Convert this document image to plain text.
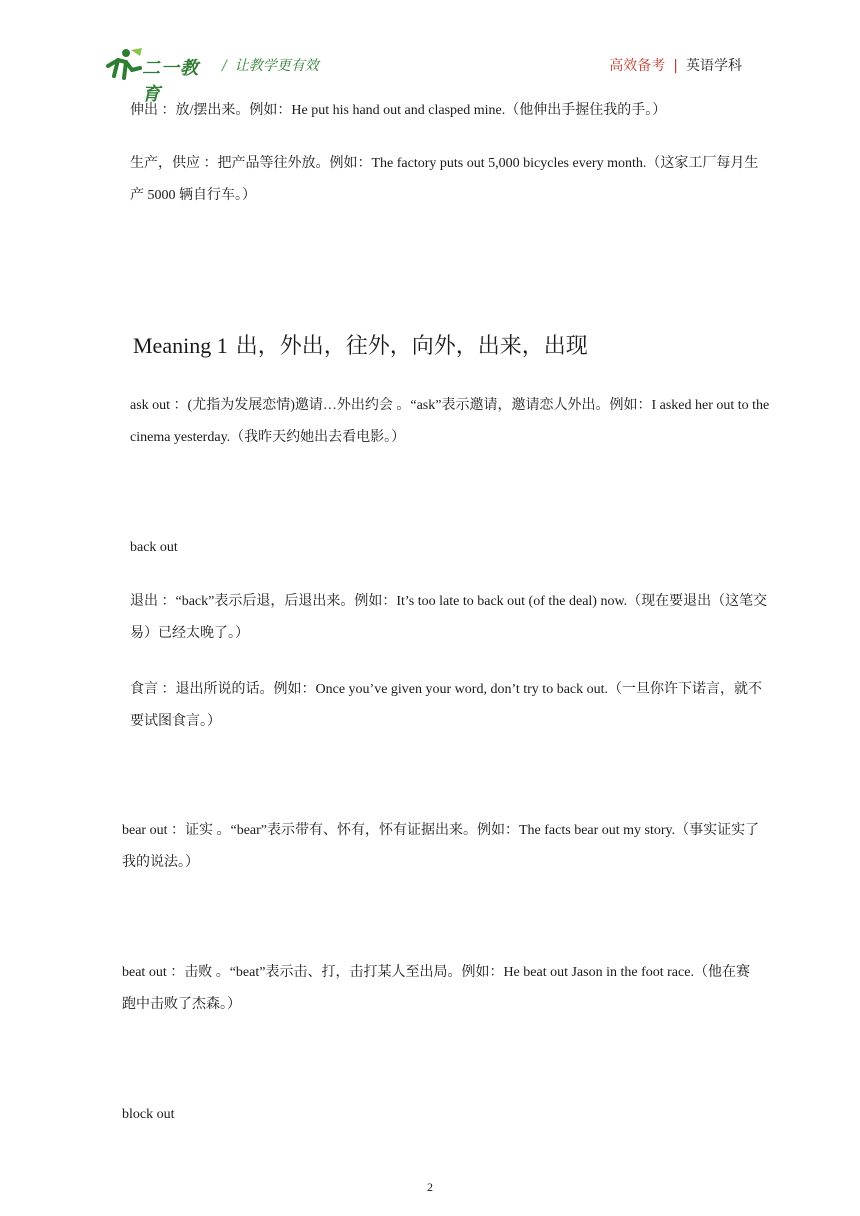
二一教育
/ 让教学更有效	高效备考 | 英语学科
伸出 ：放/摆出来。例如：He put his hand out and clasped mine.（他伸出手握住我的手。）
生产，供应 ：把产品等往外放。例如：The factory puts out 5,000 bicycles every month.（这家工厂每月生产 5000 辆自行车。）
Meaning 1 出，外出，往外，向外，出来，出现
ask out ：(尤指为发展恋情)邀请…外出约会 。“ask”表示邀请，邀请恋人外出。例如：I asked her out to the cinema yesterday.（我昨天约她出去看电影。）
back out
退出 ：“back”表示后退，后退出来。例如：It’s too late to back out (of the deal) now.（现在要退出（这笔交易）已经太晚了。）
食言 ：退出所说的话。例如：Once you’ve given your word, don’t try to back out.（一旦你许下诺言，就不要试图食言。）
bear out ：证实 。“bear”表示带有、怀有，怀有证据出来。例如：The facts bear out my story.（事实证实了我的说法。）
beat out ：击败 。“beat”表示击、打，击打某人至出局。例如：He beat out Jason in the foot race.（他在赛跑中击败了杰森。）
block out
2
